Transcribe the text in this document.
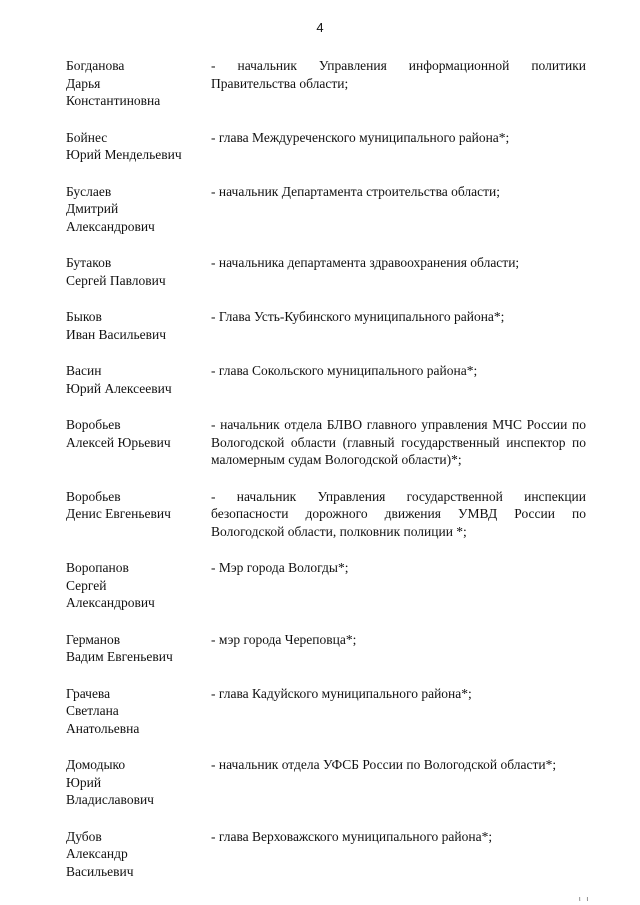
4
Богданова
Дарья
Константиновна
- начальник Управления информационной политики Правительства области;
Бойнес
Юрий Мендельевич
- глава Междуреченского муниципального района*;
Буслаев
Дмитрий
Александрович
- начальник Департамента строительства области;
Бутаков
Сергей Павлович
- начальника департамента здравоохранения области;
Быков
Иван Васильевич
- Глава Усть-Кубинского муниципального района*;
Васин
Юрий Алексеевич
- глава Сокольского муниципального района*;
Воробьев
Алексей Юрьевич
- начальник отдела БЛВО главного управления МЧС России по Вологодской области (главный государственный инспектор по маломерным судам Вологодской области)*;
Воробьев
Денис Евгеньевич
- начальник Управления государственной инспекции безопасности дорожного движения УМВД России по Вологодской области, полковник полиции *;
Воропанов
Сергей
Александрович
- Мэр города Вологды*;
Германов
Вадим Евгеньевич
- мэр города Череповца*;
Грачева
Светлана
Анатольевна
- глава Кадуйского муниципального района*;
Домодыко
Юрий
Владиславович
- начальник отдела УФСБ России по Вологодской области*;
Дубов
Александр
Васильевич
- глава Верховажского муниципального района*;
ι ι
